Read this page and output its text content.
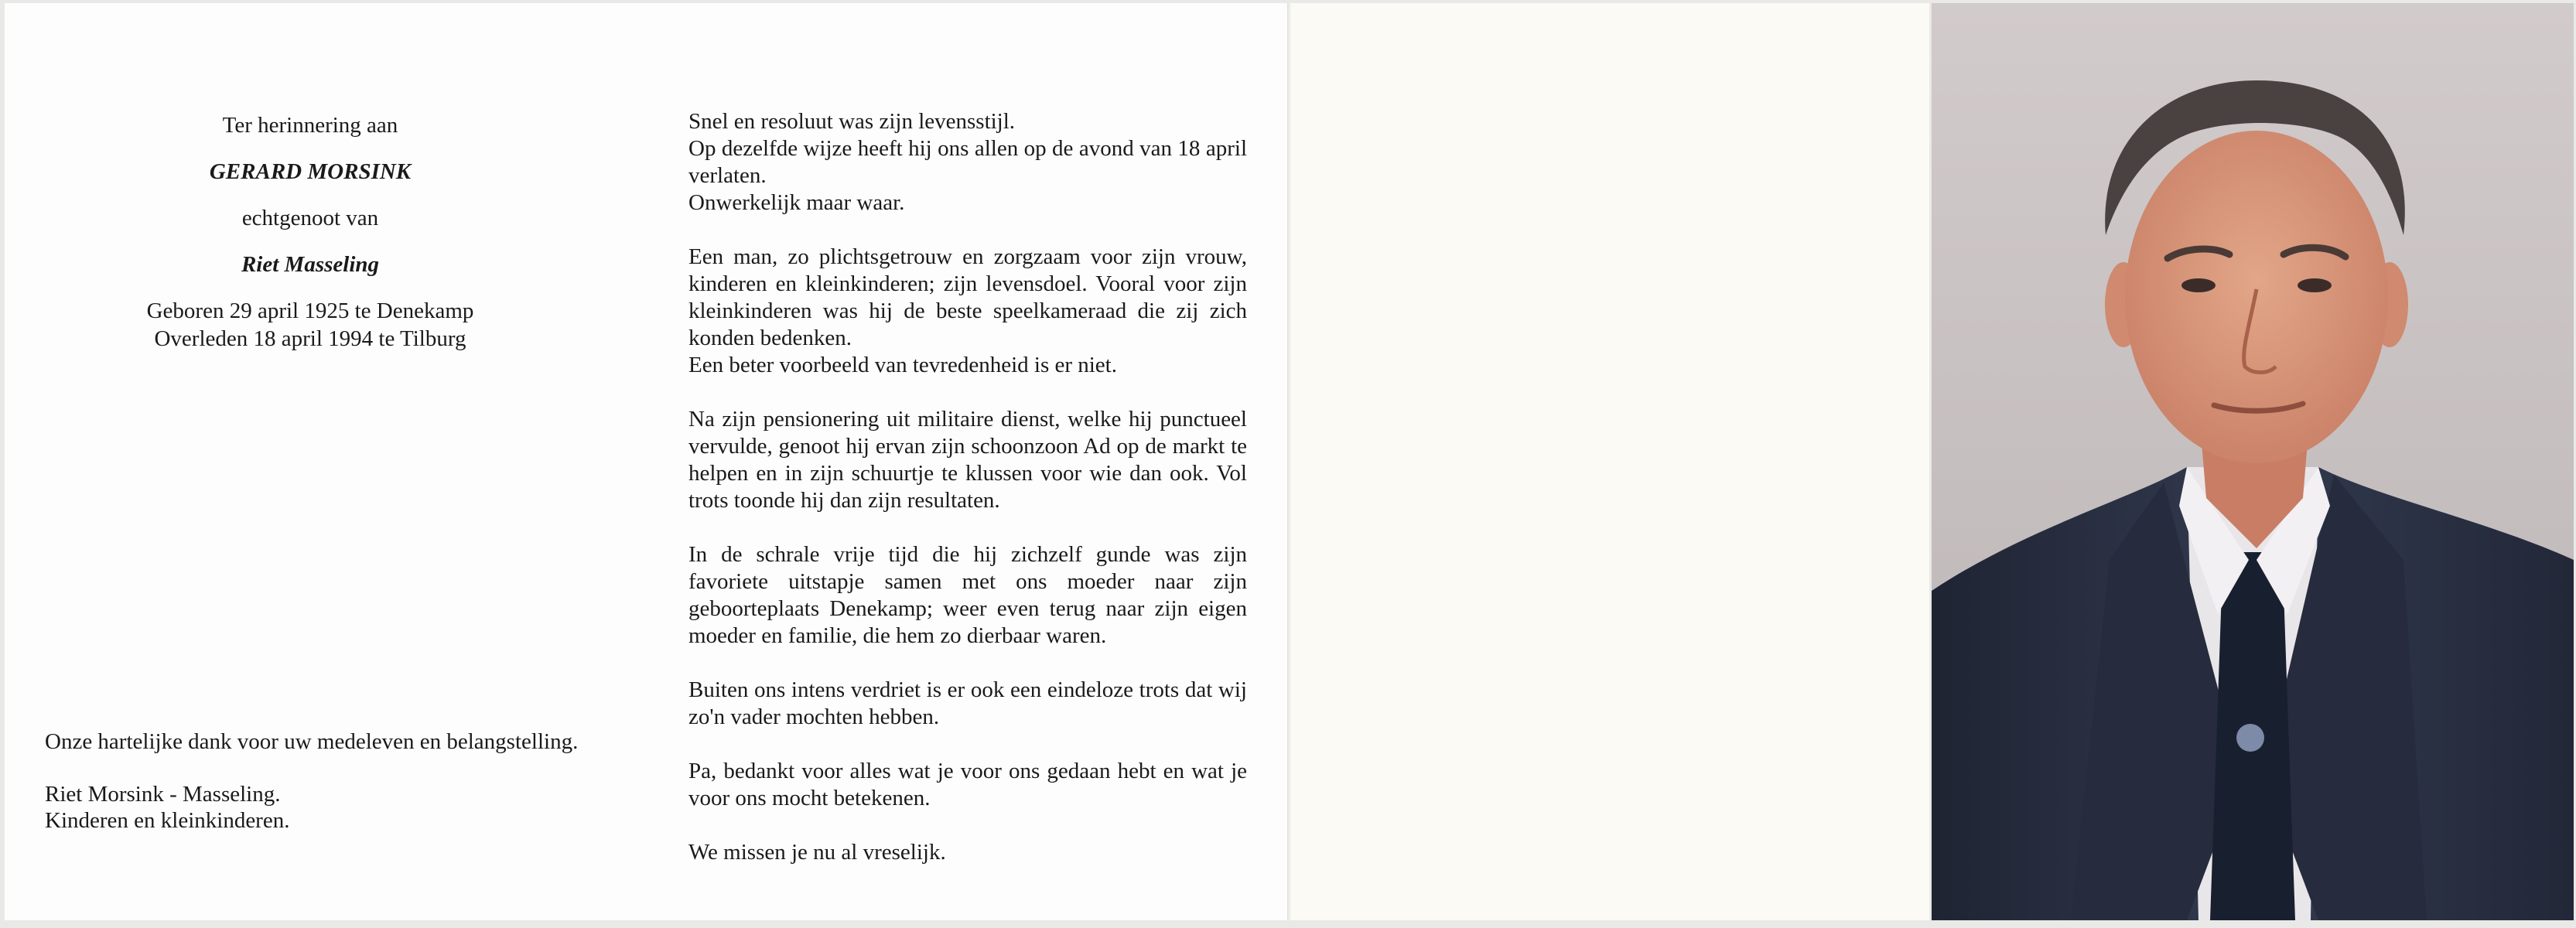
Ter herinnering aan
GERARD MORSINK
echtgenoot van
Riet Masseling
Geboren 29 april 1925 te Denekamp
Overleden 18 april 1994 te Tilburg

Onze hartelijke dank voor uw medeleven en belangstelling.

Riet Morsink - Masseling.
Kinderen en kleinkinderen.

Snel en resoluut was zijn levensstijl.

Op dezelfde wijze heeft hij ons allen op de avond van 18 april verlaten.

Onwerkelijk maar waar.

Een man, zo plichtsgetrouw en zorgzaam voor zijn vrouw, kinderen en kleinkinderen; zijn levensdoel. Vooral voor zijn kleinkinderen was hij de beste speelkameraad die zij zich konden bedenken.

Een beter voorbeeld van tevredenheid is er niet.

Na zijn pensionering uit militaire dienst, welke hij punctueel vervulde, genoot hij ervan zijn schoonzoon Ad op de markt te helpen en in zijn schuurtje te klussen voor wie dan ook. Vol trots toonde hij dan zijn resultaten.

In de schrale vrije tijd die hij zichzelf gunde was zijn favoriete uitstapje samen met ons moeder naar zijn geboorteplaats Denekamp; weer even terug naar zijn eigen moeder en familie, die hem zo dierbaar waren.

Buiten ons intens verdriet is er ook een eindeloze trots dat wij zo'n vader mochten hebben.

Pa, bedankt voor alles wat je voor ons gedaan hebt en wat je voor ons mocht betekenen.

We missen je nu al vreselijk.
